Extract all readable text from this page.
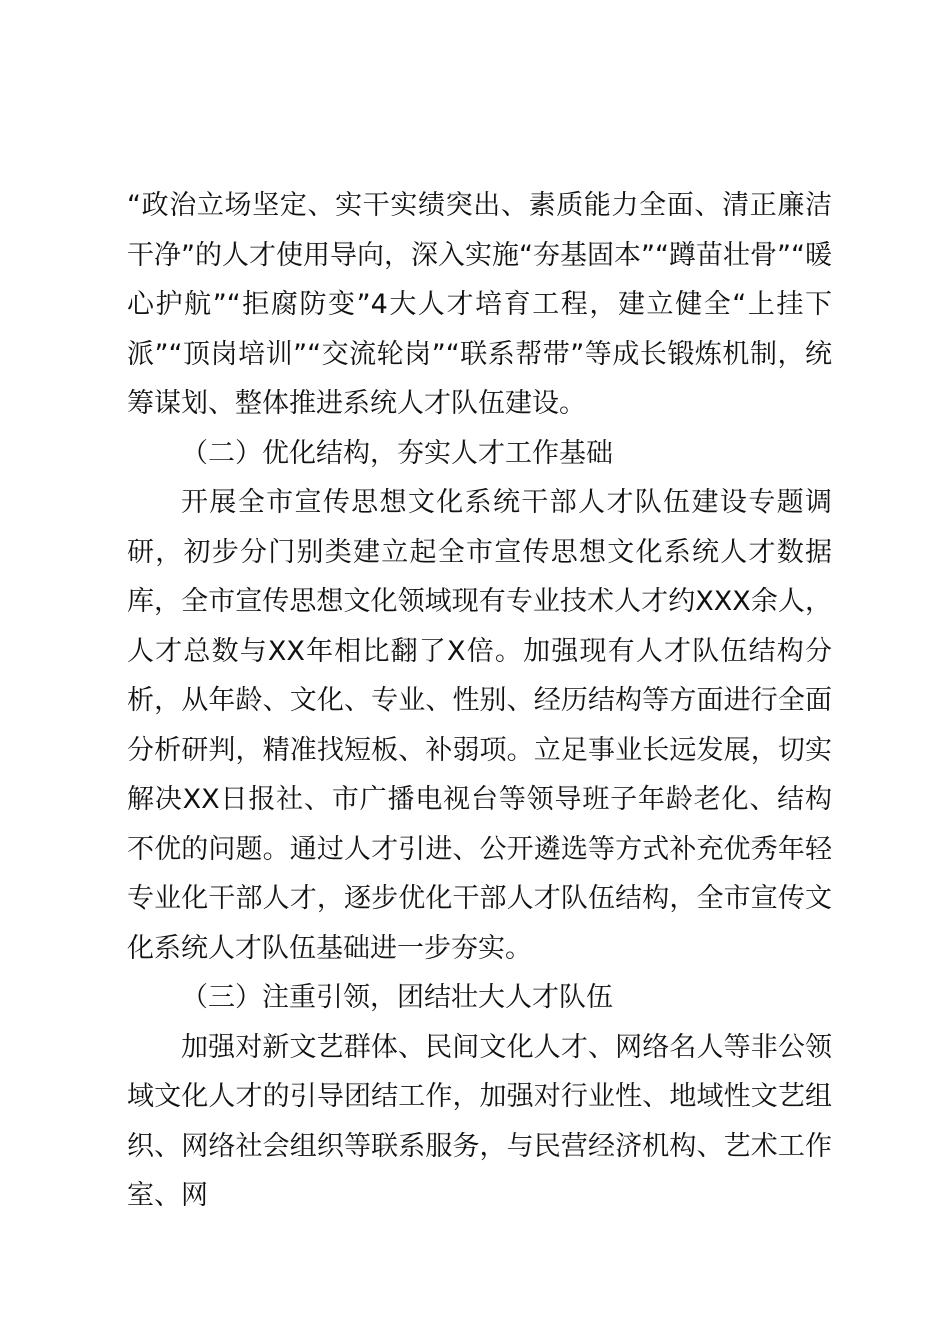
“政治立场坚定、实干实绩突出、素质能力全面、清正廉洁干净”的人才使用导向，深入实施“夯基固本”“蹲苗壮骨”“暖心护航”“拒腐防变”4大人才培育工程，建立健全“上挂下派”“顶岗培训”“交流轮岗”“联系帮带”等成长锻炼机制，统筹谋划、整体推进系统人才队伍建设。

（二）优化结构，夯实人才工作基础

开展全市宣传思想文化系统干部人才队伍建设专题调研，初步分门别类建立起全市宣传思想文化系统人才数据库，全市宣传思想文化领域现有专业技术人才约XXX余人，人才总数与XX年相比翻了X倍。加强现有人才队伍结构分析，从年龄、文化、专业、性别、经历结构等方面进行全面分析研判，精准找短板、补弱项。立足事业长远发展，切实解决XX日报社、市广播电视台等领导班子年龄老化、结构不优的问题。通过人才引进、公开遴选等方式补充优秀年轻专业化干部人才，逐步优化干部人才队伍结构，全市宣传文化系统人才队伍基础进一步夯实。

（三）注重引领，团结壮大人才队伍

加强对新文艺群体、民间文化人才、网络名人等非公领域文化人才的引导团结工作，加强对行业性、地域性文艺组织、网络社会组织等联系服务，与民营经济机构、艺术工作室、网
